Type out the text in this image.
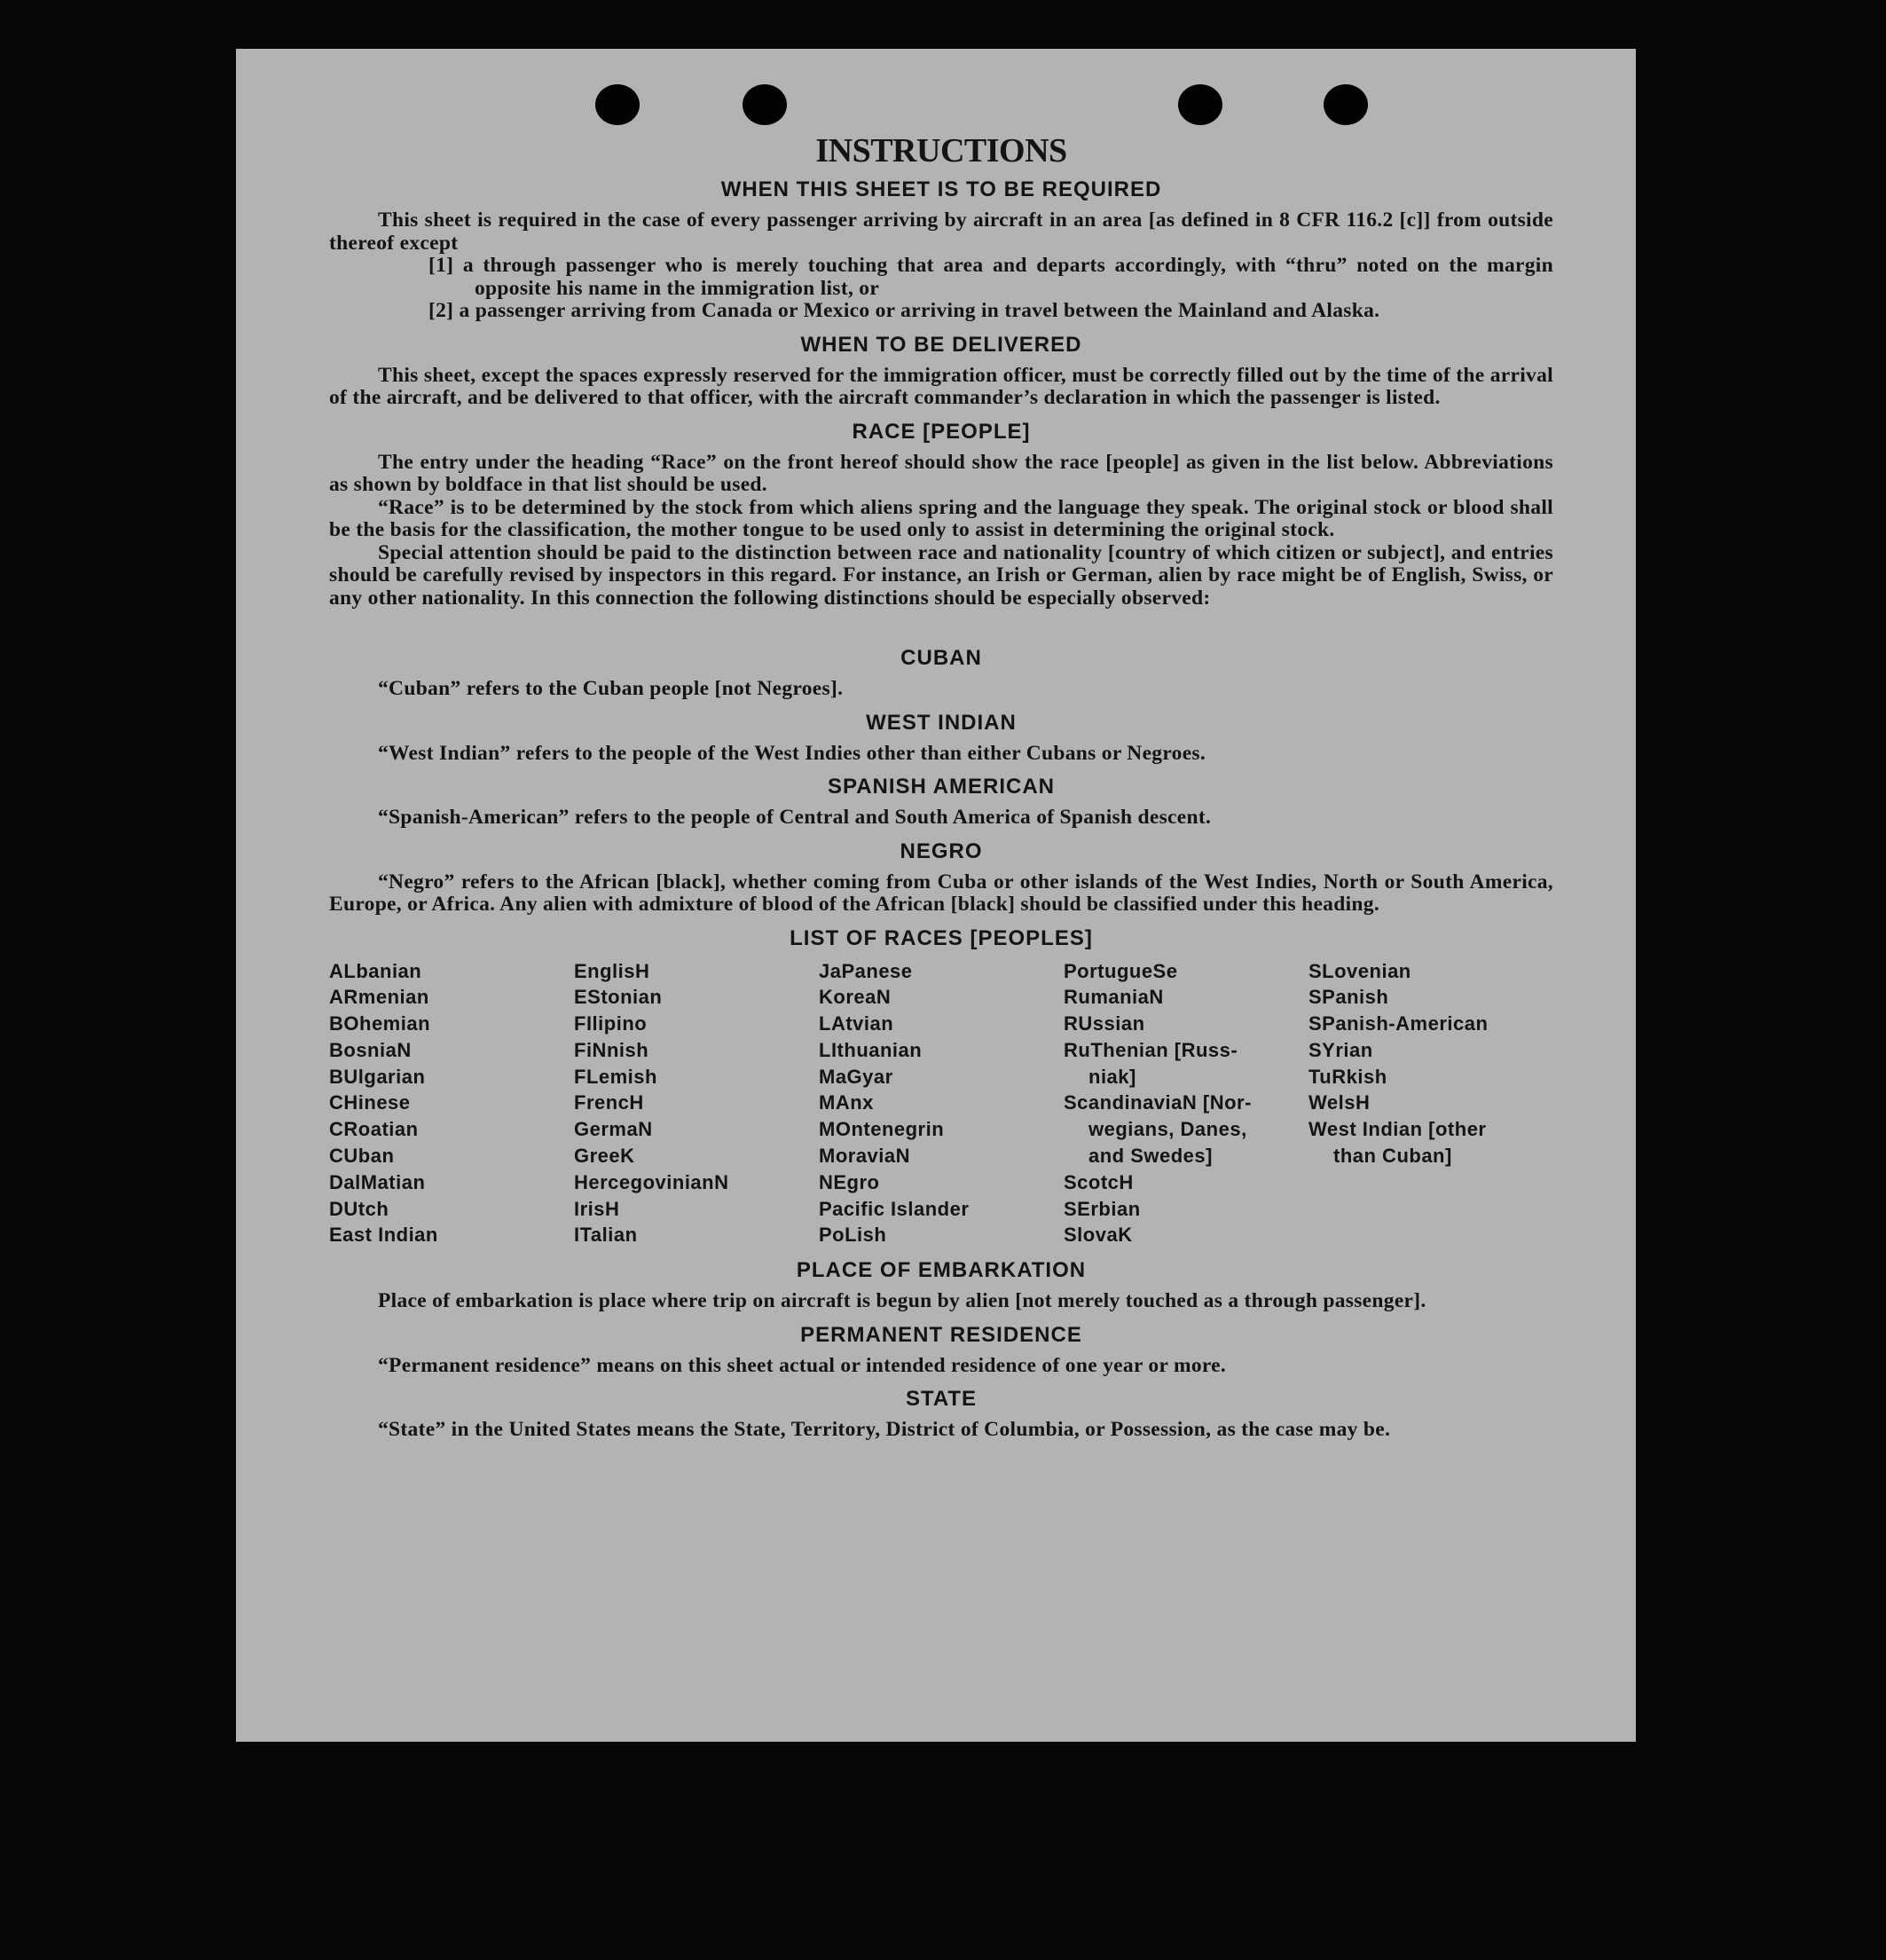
INSTRUCTIONS
WHEN THIS SHEET IS TO BE REQUIRED

This sheet is required in the case of every passenger arriving by aircraft in an area [as defined in 8 CFR 116.2 [c]] from outside thereof except

[1] a through passenger who is merely touching that area and departs accordingly, with “thru” noted on the margin opposite his name in the immigration list, or

[2] a passenger arriving from Canada or Mexico or arriving in travel between the Mainland and Alaska.

WHEN TO BE DELIVERED

This sheet, except the spaces expressly reserved for the immigration officer, must be correctly filled out by the time of the arrival of the aircraft, and be delivered to that officer, with the aircraft commander’s declaration in which the passenger is listed.

RACE [PEOPLE]

The entry under the heading “Race” on the front hereof should show the race [people] as given in the list below. Abbreviations as shown by boldface in that list should be used.

“Race” is to be determined by the stock from which aliens spring and the language they speak. The original stock or blood shall be the basis for the classification, the mother tongue to be used only to assist in determining the original stock.

Special attention should be paid to the distinction between race and nationality [country of which citizen or subject], and entries should be carefully revised by inspectors in this regard. For instance, an Irish or German, alien by race might be of English, Swiss, or any other nationality. In this connection the following distinctions should be especially observed:

CUBAN

“Cuban” refers to the Cuban people [not Negroes].

WEST INDIAN

“West Indian” refers to the people of the West Indies other than either Cubans or Negroes.

SPANISH AMERICAN

“Spanish-American” refers to the people of Central and South America of Spanish descent.

NEGRO

“Negro” refers to the African [black], whether coming from Cuba or other islands of the West Indies, North or South America, Europe, or Africa. Any alien with admixture of blood of the African [black] should be classified under this heading.

LIST OF RACES [PEOPLES]
ALbanian
ARmenian
BOhemian
BosniaN
BUlgarian
CHinese
CRoatian
CUban
DalMatian
DUtch
East Indian
EnglisH
EStonian
FIlipino
FiNnish
FLemish
FrencH
GermaN
GreeK
HercegovinianN
IrisH
ITalian
JaPanese
KoreaN
LAtvian
LIthuanian
MaGyar
MAnx
MOntenegrin
MoraviaN
NEgro
Pacific Islander
PoLish
PortugueSe
RumaniaN
RUssian
RuThenian [Russ-
niak]
ScandinaviaN [Nor-
wegians, Danes,
and Swedes]
ScotcH
SErbian
SlovaK
SLovenian
SPanish
SPanish-American
SYrian
TuRkish
WelsH
West Indian [other
than Cuban]
PLACE OF EMBARKATION

Place of embarkation is place where trip on aircraft is begun by alien [not merely touched as a through passenger].

PERMANENT RESIDENCE

“Permanent residence” means on this sheet actual or intended residence of one year or more.

STATE

“State” in the United States means the State, Territory, District of Columbia, or Possession, as the case may be.
